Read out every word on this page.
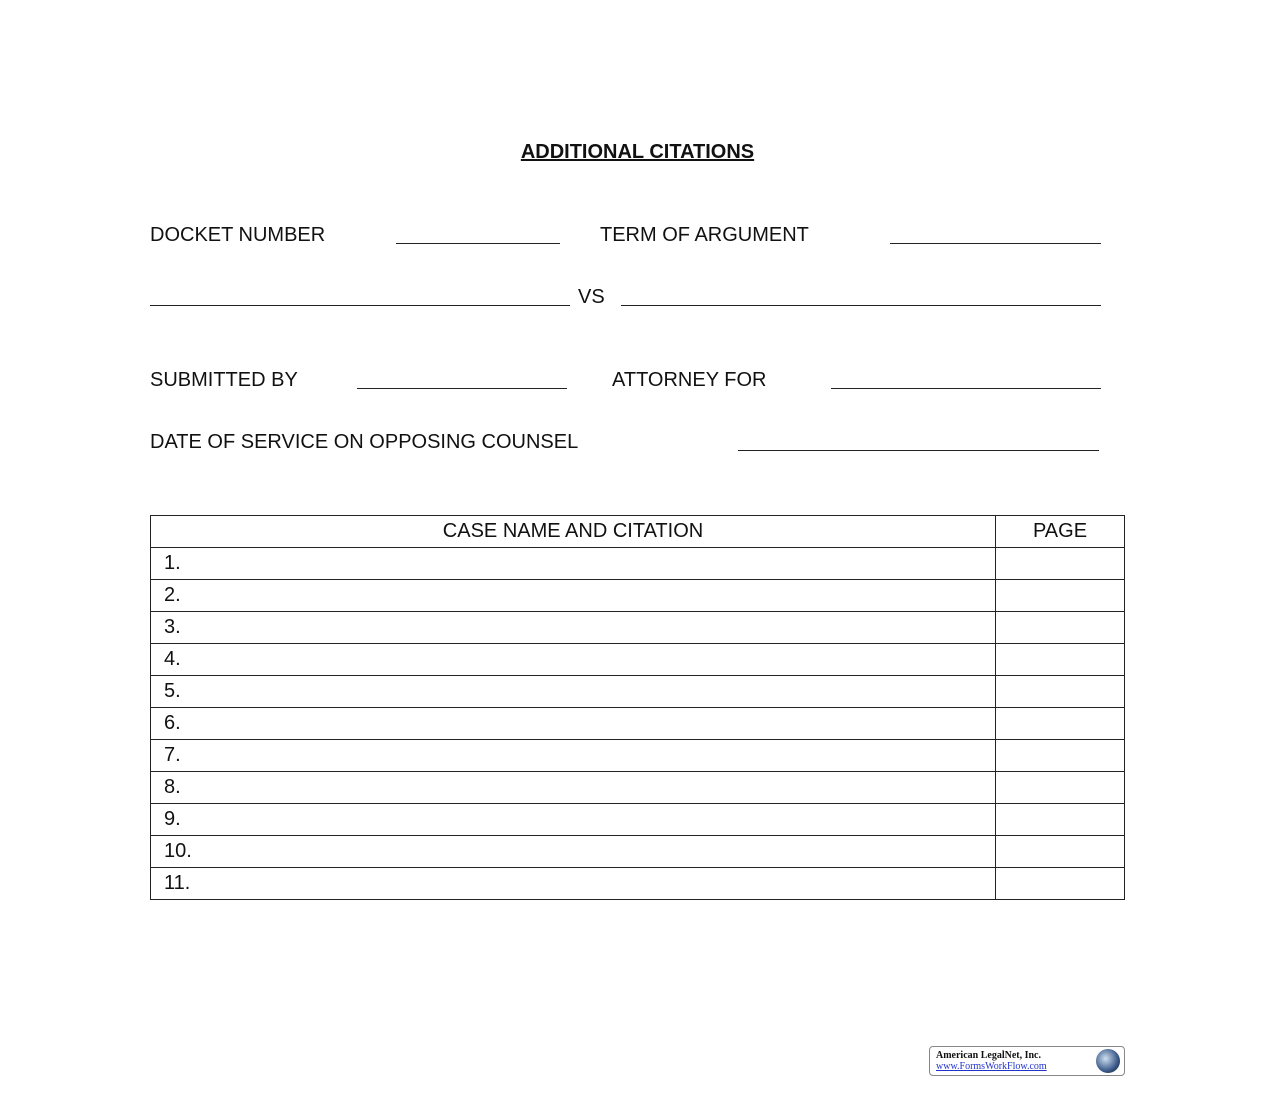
ADDITIONAL CITATIONS
DOCKET NUMBER	TERM OF ARGUMENT
VS
SUBMITTED BY	ATTORNEY FOR
DATE OF SERVICE ON OPPOSING COUNSEL
CASE NAME AND CITATION	PAGE
1.	
2.	
3.	
4.	
5.	
6.	
7.	
8.	
9.	
10.	
11.	
American LegalNet, Inc.
www.FormsWorkFlow.com
